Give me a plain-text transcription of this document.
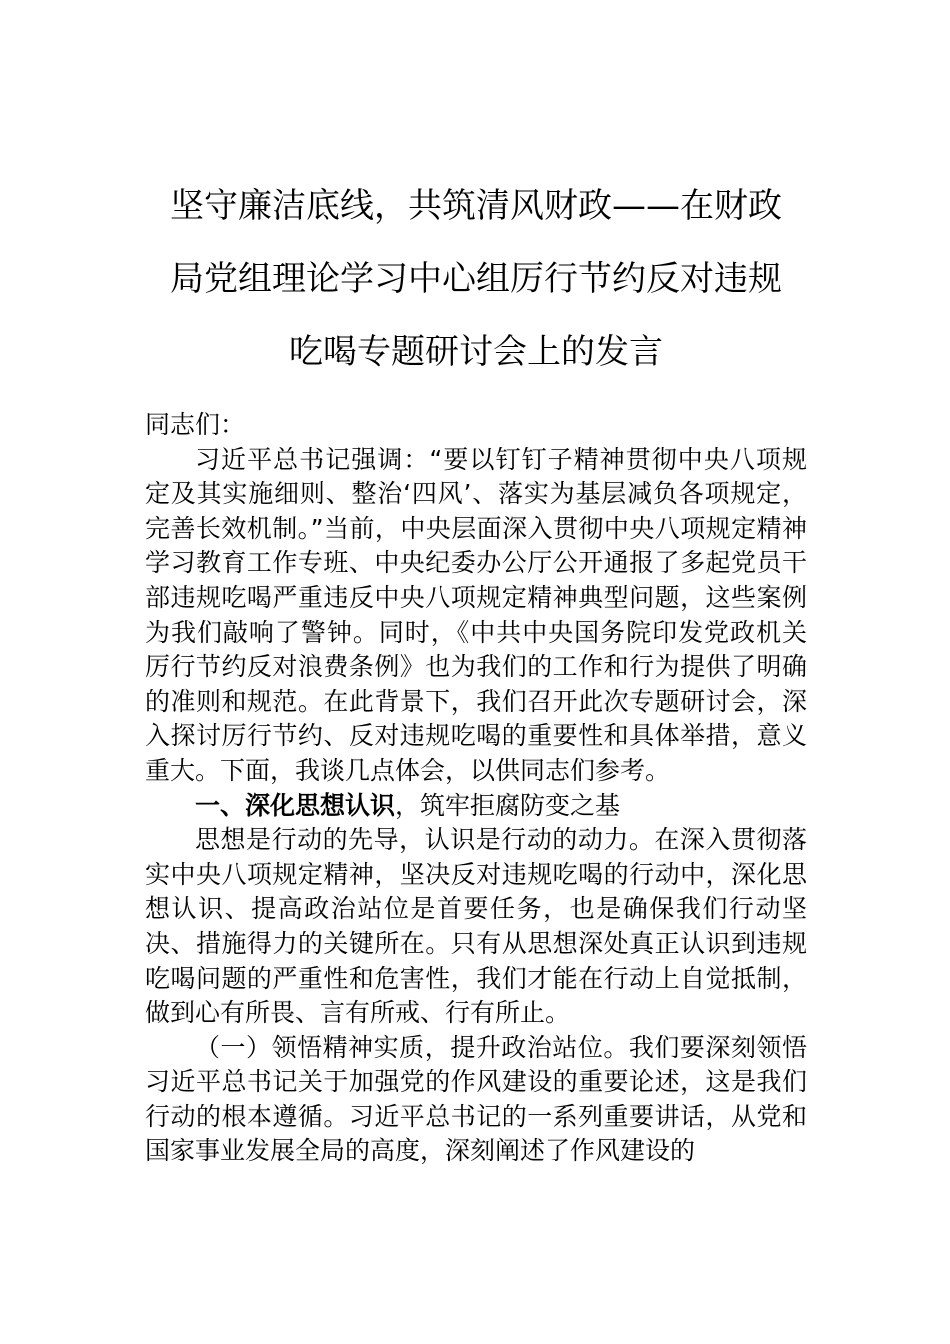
坚守廉洁底线，共筑清风财政——在财政
局党组理论学习中心组厉行节约反对违规
吃喝专题研讨会上的发言

同志们：

习近平总书记强调：“要以钉钉子精神贯彻中央八项规定及其实施细则、整治‘四风’、落实为基层减负各项规定，完善长效机制。”当前，中央层面深入贯彻中央八项规定精神学习教育工作专班、中央纪委办公厅公开通报了多起党员干部违规吃喝严重违反中央八项规定精神典型问题，这些案例为我们敲响了警钟。同时，《中共中央国务院印发党政机关厉行节约反对浪费条例》也为我们的工作和行为提供了明确的准则和规范。在此背景下，我们召开此次专题研讨会，深入探讨厉行节约、反对违规吃喝的重要性和具体举措，意义重大。下面，我谈几点体会，以供同志们参考。

一、深化思想认识，筑牢拒腐防变之基

思想是行动的先导，认识是行动的动力。在深入贯彻落实中央八项规定精神，坚决反对违规吃喝的行动中，深化思想认识、提高政治站位是首要任务，也是确保我们行动坚决、措施得力的关键所在。只有从思想深处真正认识到违规吃喝问题的严重性和危害性，我们才能在行动上自觉抵制，做到心有所畏、言有所戒、行有所止。

（一）领悟精神实质，提升政治站位。我们要深刻领悟习近平总书记关于加强党的作风建设的重要论述，这是我们行动的根本遵循。习近平总书记的一系列重要讲话，从党和国家事业发展全局的高度，深刻阐述了作风建设的
